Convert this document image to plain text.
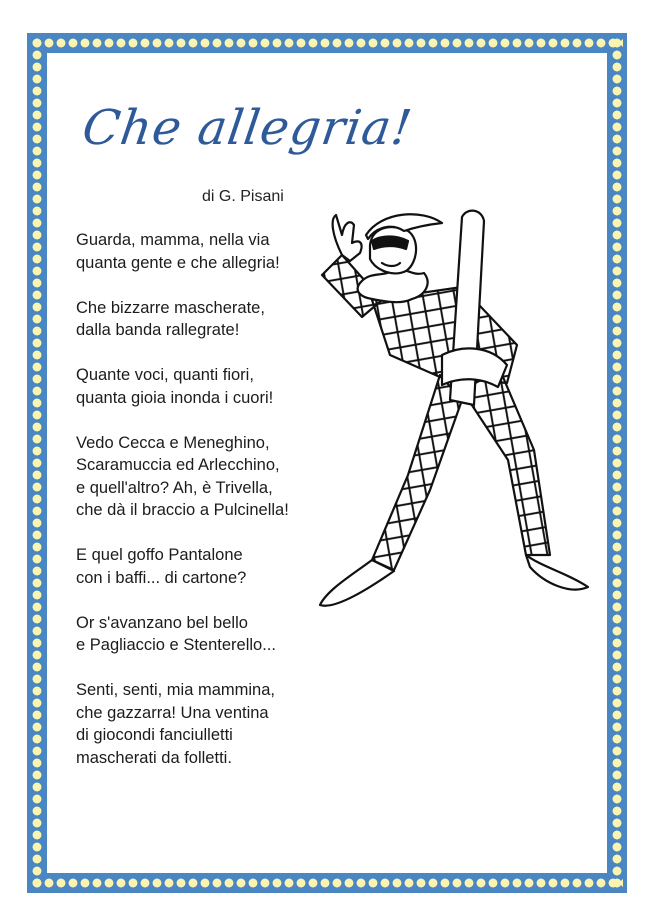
Che allegria!
di G. Pisani

Guarda, mamma, nella via
quanta gente e che allegria!

Che bizzarre mascherate,
dalla banda rallegrate!

Quante voci, quanti fiori,
quanta gioia inonda i cuori!

Vedo Cecca e Meneghino,
Scaramuccia ed Arlecchino,
e quell'altro? Ah, è Trivella,
che dà il braccio a Pulcinella!

E quel goffo Pantalone
con i baffi... di cartone?

Or s'avanzano bel bello
e Pagliaccio e Stenterello...

Senti, senti, mia mammina,
che gazzarra! Una ventina
di giocondi fanciulletti
mascherati da folletti.
